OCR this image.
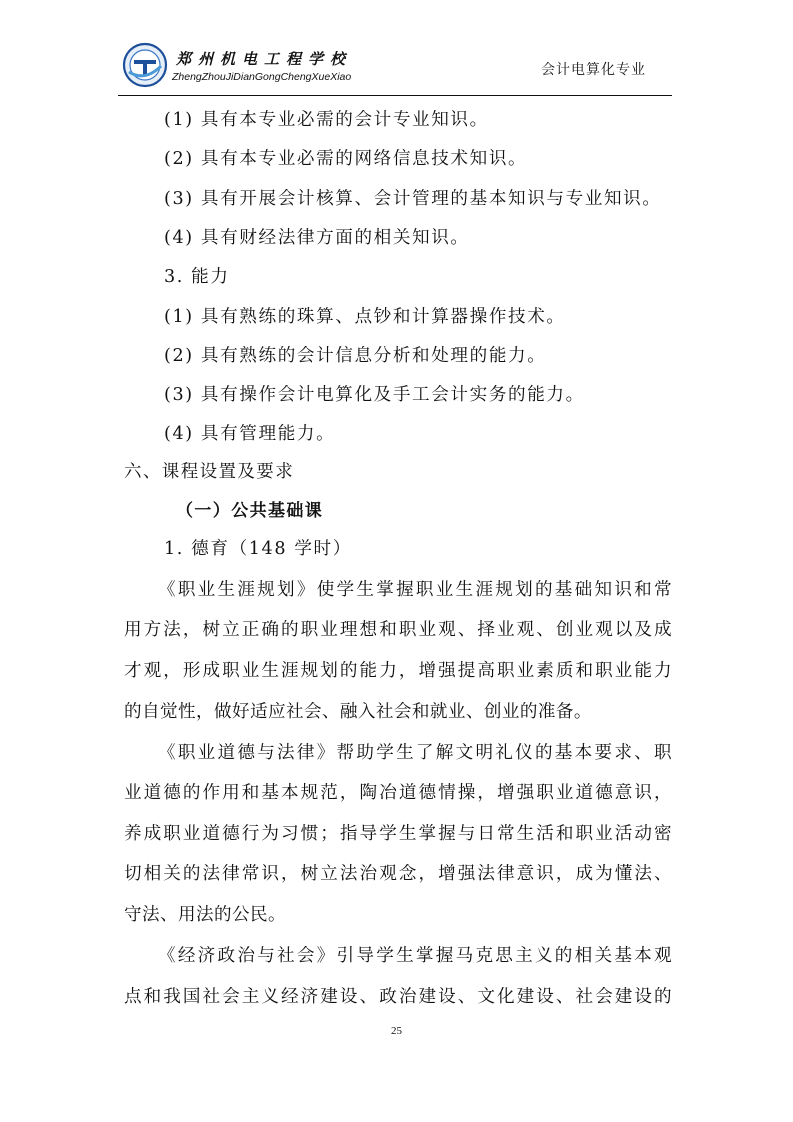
郑州机电工程学校
ZhengZhouJiDianGongChengXueXiao	会计电算化专业
(1) 具有本专业必需的会计专业知识。
(2) 具有本专业必需的网络信息技术知识。
(3) 具有开展会计核算、会计管理的基本知识与专业知识。
(4) 具有财经法律方面的相关知识。
3. 能力
(1) 具有熟练的珠算、点钞和计算器操作技术。
(2) 具有熟练的会计信息分析和处理的能力。
(3) 具有操作会计电算化及手工会计实务的能力。
(4) 具有管理能力。
六、课程设置及要求
（一）公共基础课
1. 德育（148 学时）
《职业生涯规划》使学生掌握职业生涯规划的基础知识和常
用方法，树立正确的职业理想和职业观、择业观、创业观以及成
才观，形成职业生涯规划的能力，增强提高职业素质和职业能力
的自觉性，做好适应社会、融入社会和就业、创业的准备。
《职业道德与法律》帮助学生了解文明礼仪的基本要求、职
业道德的作用和基本规范，陶冶道德情操，增强职业道德意识，
养成职业道德行为习惯；指导学生掌握与日常生活和职业活动密
切相关的法律常识，树立法治观念，增强法律意识，成为懂法、
守法、用法的公民。
《经济政治与社会》引导学生掌握马克思主义的相关基本观
点和我国社会主义经济建设、政治建设、文化建设、社会建设的
25
